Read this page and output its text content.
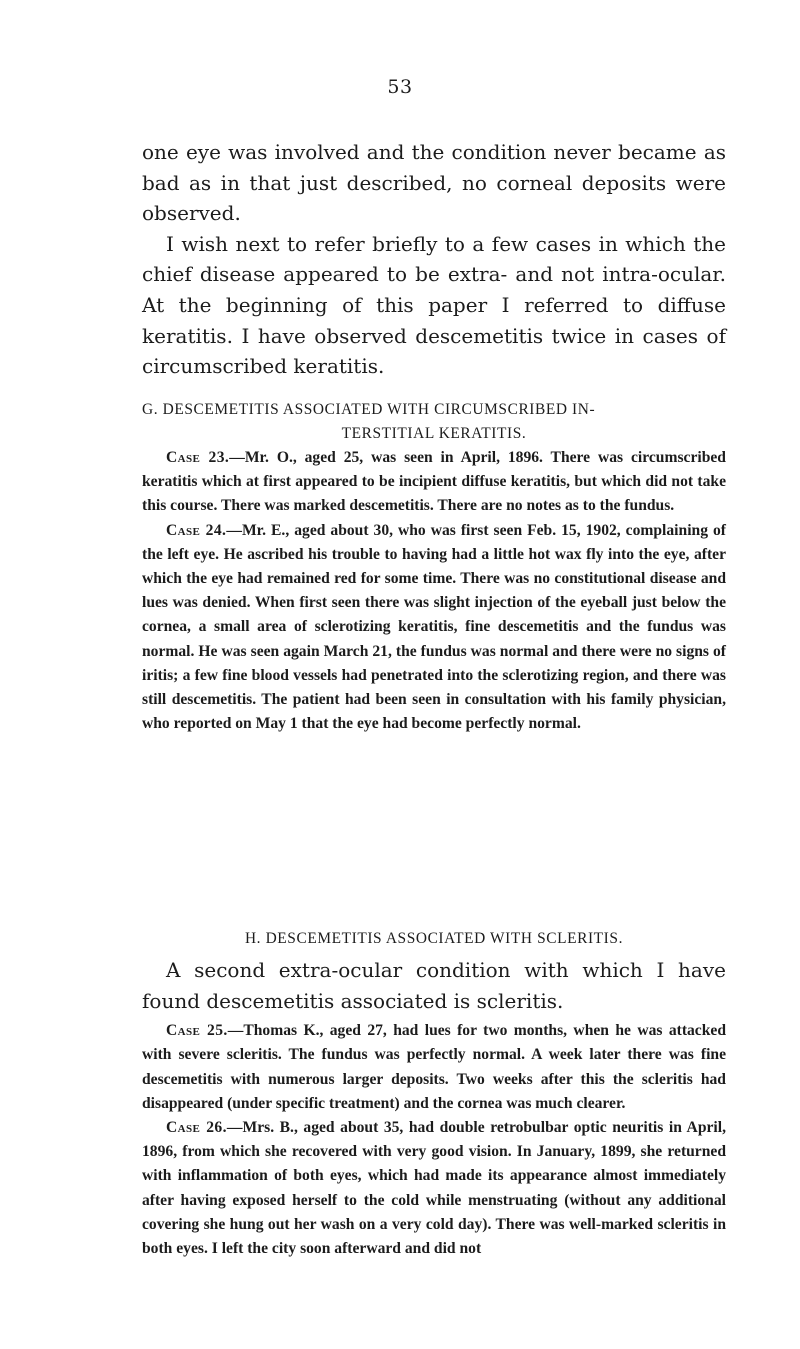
53

one eye was involved and the condition never became as bad as in that just described, no corneal deposits were observed.

I wish next to refer briefly to a few cases in which the chief disease appeared to be extra- and not intra-ocular. At the beginning of this paper I referred to diffuse keratitis. I have observed descemetitis twice in cases of circumscribed keratitis.

G. DESCEMETITIS ASSOCIATED WITH CIRCUMSCRIBED IN-
TERSTITIAL KERATITIS.

Case 23.—Mr. O., aged 25, was seen in April, 1896. There was circumscribed keratitis which at first appeared to be incipient diffuse keratitis, but which did not take this course. There was marked descemetitis. There are no notes as to the fundus.

Case 24.—Mr. E., aged about 30, who was first seen Feb. 15, 1902, complaining of the left eye. He ascribed his trouble to having had a little hot wax fly into the eye, after which the eye had remained red for some time. There was no constitutional disease and lues was denied. When first seen there was slight injection of the eyeball just below the cornea, a small area of sclerotizing keratitis, fine descemetitis and the fundus was normal. He was seen again March 21, the fundus was normal and there were no signs of iritis; a few fine blood vessels had penetrated into the sclerotizing region, and there was still descemetitis. The patient had been seen in consultation with his family physician, who reported on May 1 that the eye had become perfectly normal.

H. DESCEMETITIS ASSOCIATED WITH SCLERITIS.

A second extra-ocular condition with which I have found descemetitis associated is scleritis.

Case 25.—Thomas K., aged 27, had lues for two months, when he was attacked with severe scleritis. The fundus was perfectly normal. A week later there was fine descemetitis with numerous larger deposits. Two weeks after this the scleritis had disappeared (under specific treatment) and the cornea was much clearer.

Case 26.—Mrs. B., aged about 35, had double retrobulbar optic neuritis in April, 1896, from which she recovered with very good vision. In January, 1899, she returned with inflammation of both eyes, which had made its appearance almost immediately after having exposed herself to the cold while menstruating (without any additional covering she hung out her wash on a very cold day). There was well-marked scleritis in both eyes. I left the city soon afterward and did not
